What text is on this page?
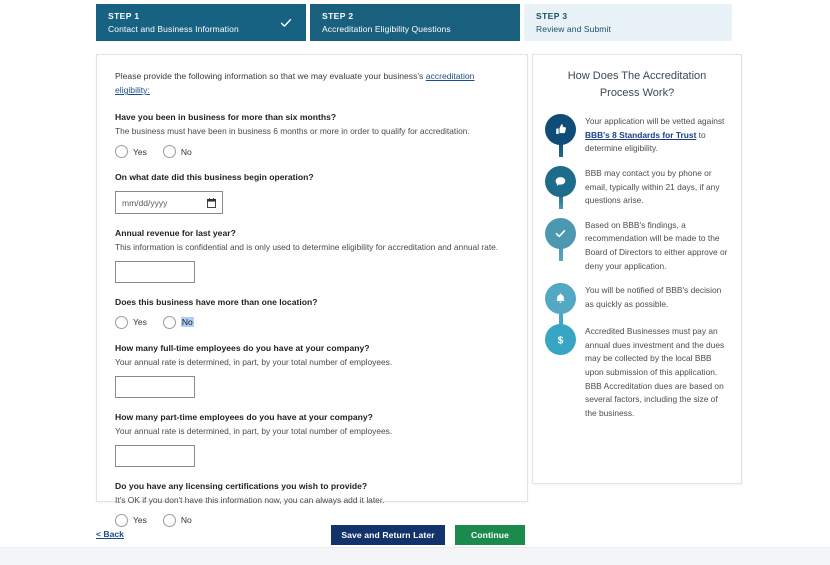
STEP 1
Contact and Business Information
STEP 2
Accreditation Eligibility Questions
STEP 3
Review and Submit
Please provide the following information so that we may evaluate your business's accreditation eligibility:
Have you been in business for more than six months?
The business must have been in business 6 months or more in order to qualify for accreditation.
Yes	No
On what date did this business begin operation?
mm/dd/yyyy
Annual revenue for last year?
This information is confidential and is only used to determine eligibility for accreditation and annual rate.
Does this business have more than one location?
Yes	No
How many full-time employees do you have at your company?
Your annual rate is determined, in part, by your total number of employees.
How many part-time employees do you have at your company?
Your annual rate is determined, in part, by your total number of employees.
Do you have any licensing certifications you wish to provide?
It's OK if you don't have this information now, you can always add it later.
Yes	No
How Does The Accreditation Process Work?
Your application will be vetted against BBB's 8 Standards for Trust to determine eligibility.
BBB may contact you by phone or email, typically within 21 days, if any questions arise.
Based on BBB's findings, a recommendation will be made to the Board of Directors to either approve or deny your application.
You will be notified of BBB's decision as quickly as possible.
$
Accredited Businesses must pay an annual dues investment and the dues may be collected by the local BBB upon submission of this application. BBB Accreditation dues are based on several factors, including the size of the business.
< Back	Save and Return Later	Continue
